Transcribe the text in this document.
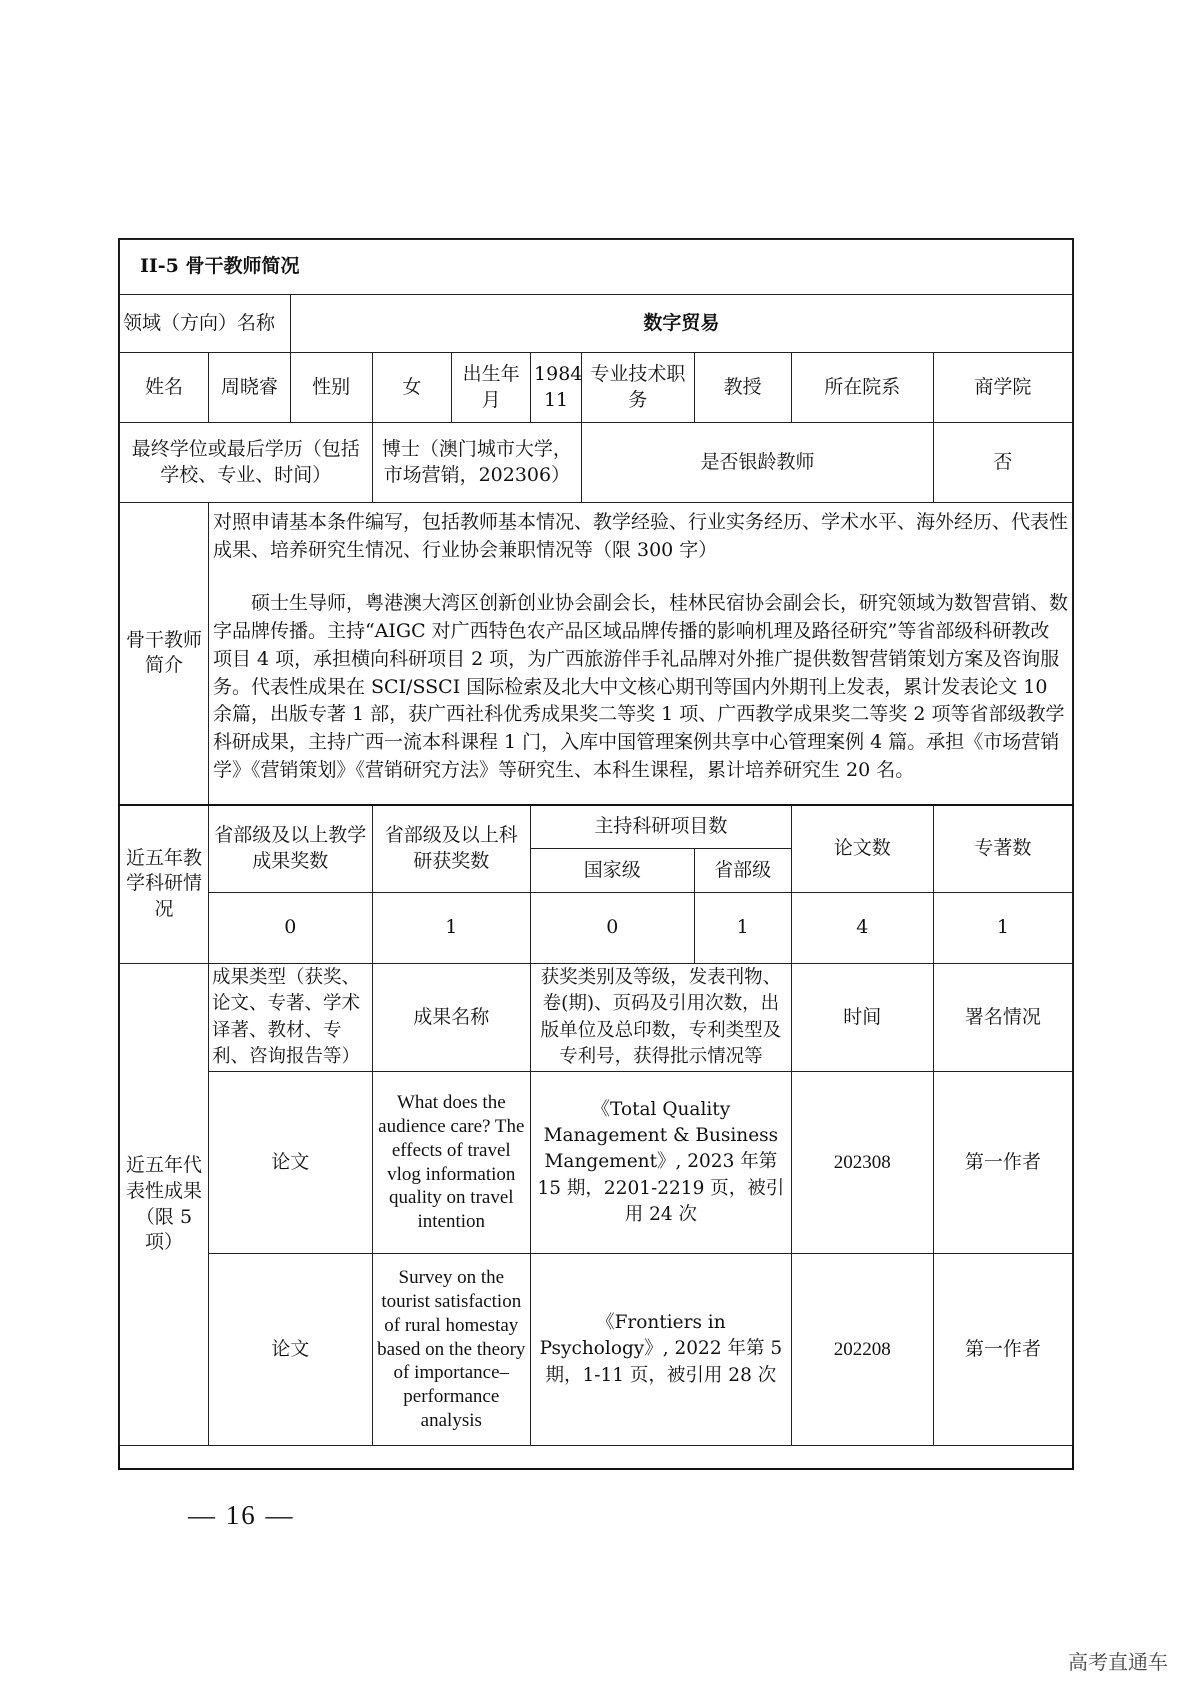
II-5 骨干教师简况									
领域（方向）名称		数字贸易							
姓名	周晓睿	性别	女	出生年月	1984 11	专业技术职　务	教授	所在院系	商学院
最终学位或最后学历（包括学校、专业、时间）			博士（澳门城市大学，市场营销，202306）			是否银龄教师			否
骨干教师简介	对照申请基本条件编写，包括教师基本情况、教学经验、行业实务经历、学术水平、海外经历、代表性成果、培养研究生情况、行业协会兼职情况等（限 300 字）

硕士生导师，粤港澳大湾区创新创业协会副会长，桂林民宿协会副会长，研究领域为数智营销、数字品牌传播。主持“AIGC 对广西特色农产品区域品牌传播的影响机理及路径研究”等省部级科研教改项目 4 项，承担横向科研项目 2 项，为广西旅游伴手礼品牌对外推广提供数智营销策划方案及咨询服务。代表性成果在 SCI/SSCI 国际检索及北大中文核心期刊等国内外期刊上发表，累计发表论文 10 余篇，出版专著 1 部，获广西社科优秀成果奖二等奖 1 项、广西教学成果奖二等奖 2 项等省部级教学科研成果，主持广西一流本科课程 1 门，入库中国管理案例共享中心管理案例 4 篇。承担《市场营销学》《营销策划》《营销研究方法》等研究生、本科生课程，累计培养研究生 20 名。								

近五年教学科研情况	省部级及以上教学成果奖数		省部级及以上科研获奖数		主持科研项目数			论文数	专著数
					国家级		省部级		
	0		1		0		1	4	1
近五年代表性成果（限 5 项）	成果类型（获奖、论文、专著、学术译著、教材、专利、咨询报告等）		成果名称		获奖类别及等级，发表刊物、卷(期)、页码及引用次数，出版单位及总印数，专利类型及专利号，获得批示情况等			时间	署名情况
	论文		What does the audience care? The effects of travel vlog information quality on travel intention		《Total Quality Management & Business Mangement》, 2023 年第 15 期，2201-2219 页，被引用 24 次			202308	第一作者
	论文		Survey on the tourist satisfaction of rural homestay based on the theory of importance–performance analysis		《Frontiers in Psychology》, 2022 年第 5 期，1-11 页，被引用 28 次			202208	第一作者
— 16 —
高考直通车
